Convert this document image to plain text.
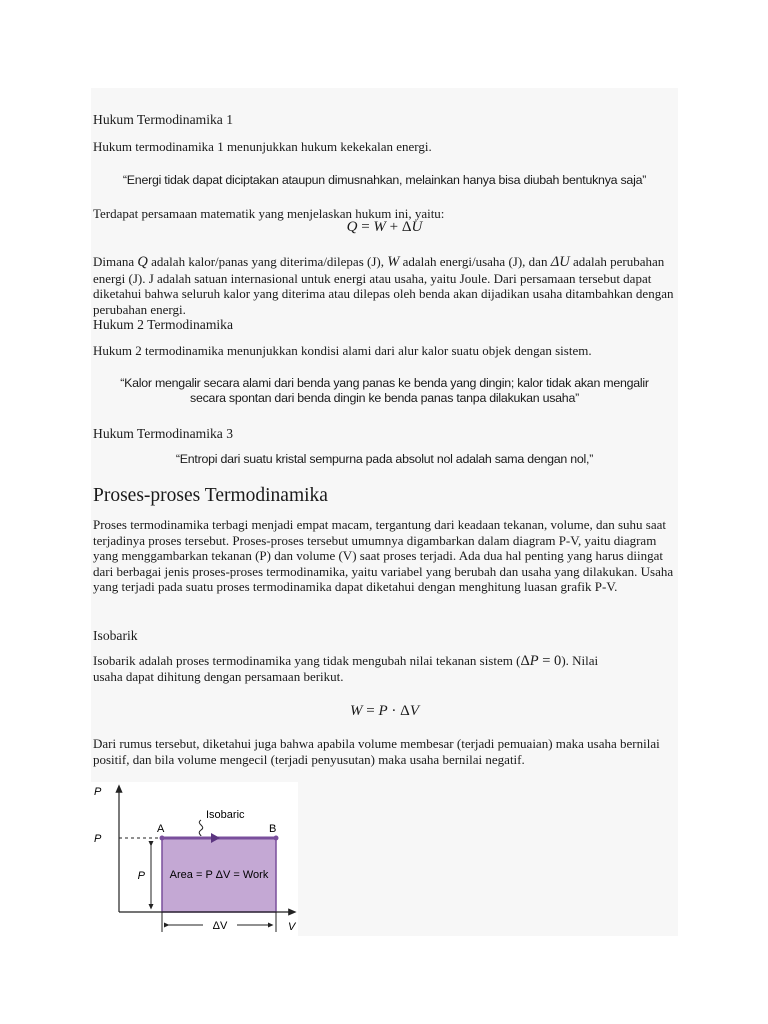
Hukum Termodinamika 1
Hukum termodinamika 1 menunjukkan hukum kekekalan energi.
“Energi tidak dapat diciptakan ataupun dimusnahkan, melainkan hanya bisa diubah bentuknya saja”
Terdapat persamaan matematik yang menjelaskan hukum ini, yaitu:
Q = W + ΔU
Dimana Q adalah kalor/panas yang diterima/dilepas (J), W adalah energi/usaha (J), dan ΔU adalah perubahan energi (J). J adalah satuan internasional untuk energi atau usaha, yaitu Joule. Dari persamaan tersebut dapat diketahui bahwa seluruh kalor yang diterima atau dilepas oleh benda akan dijadikan usaha ditambahkan dengan perubahan energi.
Hukum 2 Termodinamika
Hukum 2 termodinamika menunjukkan kondisi alami dari alur kalor suatu objek dengan sistem.
“Kalor mengalir secara alami dari benda yang panas ke benda yang dingin; kalor tidak akan mengalir
secara spontan dari benda dingin ke benda panas tanpa dilakukan usaha”
Hukum Termodinamika 3
“Entropi dari suatu kristal sempurna pada absolut nol adalah sama dengan nol,”
Proses-proses Termodinamika
Proses termodinamika terbagi menjadi empat macam, tergantung dari keadaan tekanan, volume, dan suhu saat terjadinya proses tersebut. Proses-proses tersebut umumnya digambarkan dalam diagram P-V, yaitu diagram yang menggambarkan tekanan (P) dan volume (V) saat proses terjadi. Ada dua hal penting yang harus diingat dari berbagai jenis proses-proses termodinamika, yaitu variabel yang berubah dan usaha yang dilakukan. Usaha yang terjadi pada suatu proses termodinamika dapat diketahui dengan menghitung luasan grafik P-V.
Isobarik
Isobarik adalah proses termodinamika yang tidak mengubah nilai tekanan sistem (ΔP = 0). Nilai
usaha dapat dihitung dengan persamaan berikut.
W = P · ΔV
Dari rumus tersebut, diketahui juga bahwa apabila volume membesar (terjadi pemuaian) maka usaha bernilai positif, dan bila volume mengecil (terjadi penyusutan) maka usaha bernilai negatif.
P
V
P
P
A	B
Isobaric
Area = P ΔV = Work
ΔV
